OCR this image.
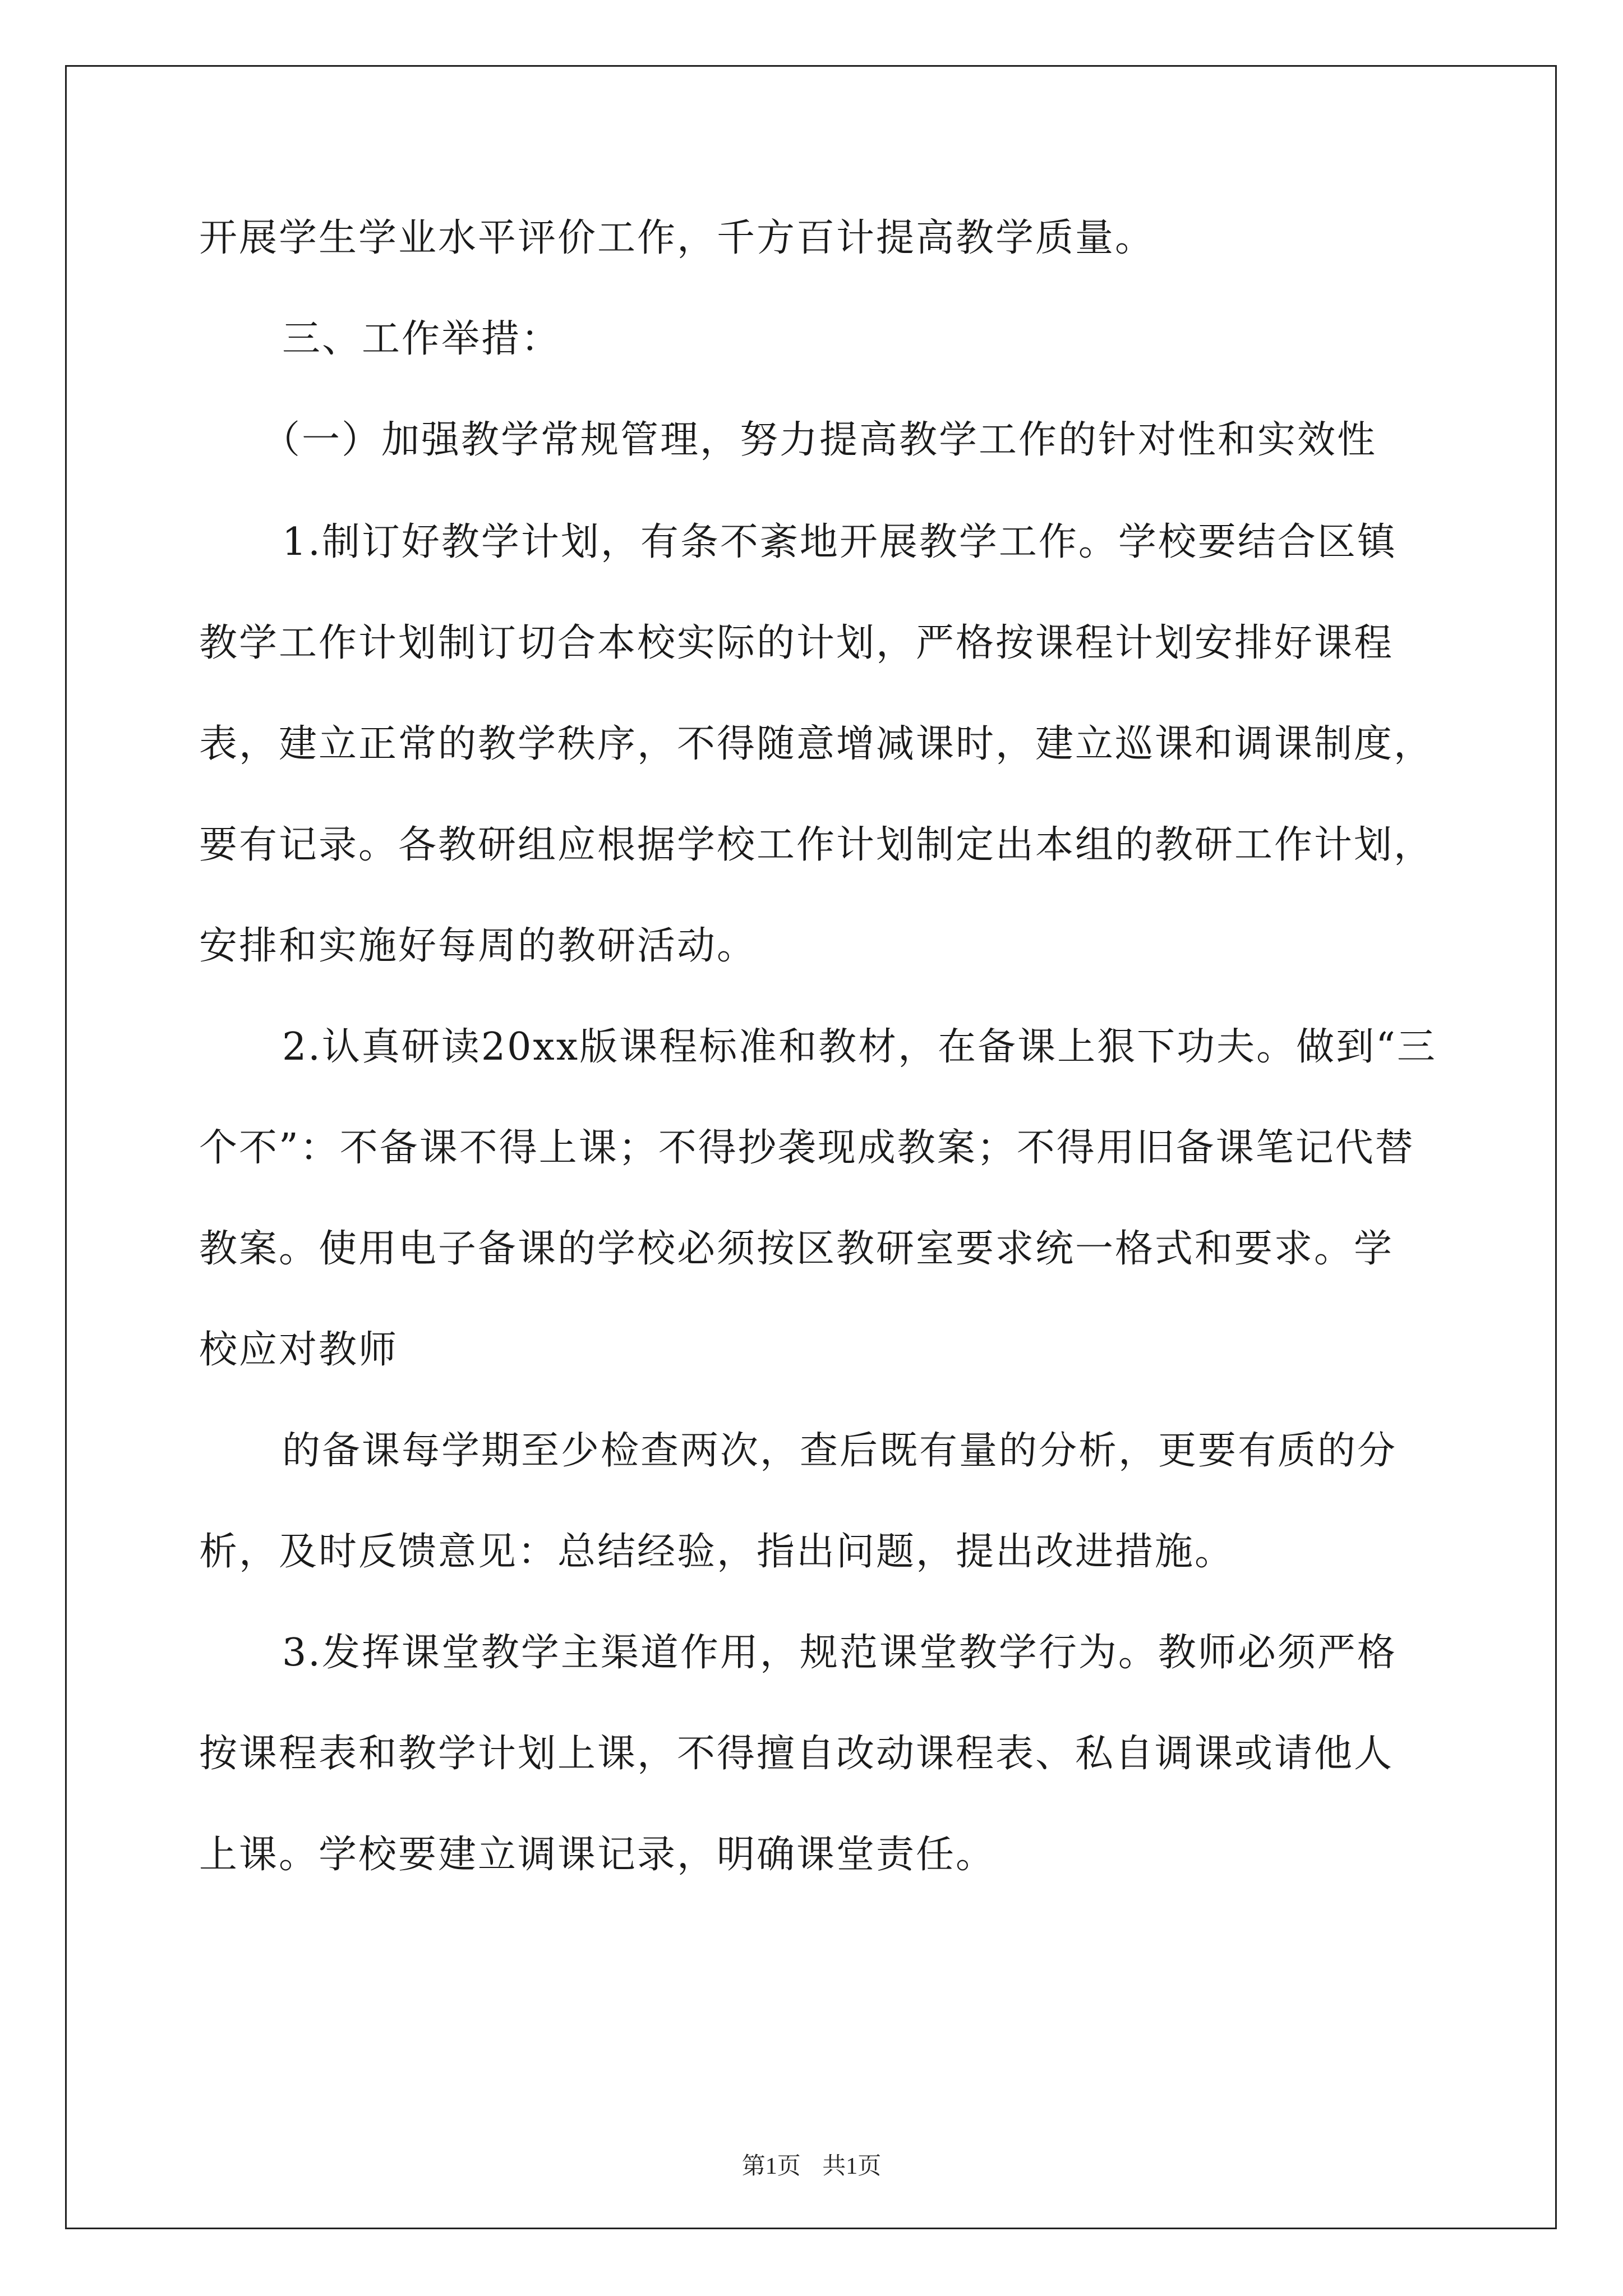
开展学生学业水平评价工作，千方百计提高教学质量。
三、工作举措：
（一）加强教学常规管理，努力提高教学工作的针对性和实效性
1.制订好教学计划，有条不紊地开展教学工作。学校要结合区镇
教学工作计划制订切合本校实际的计划，严格按课程计划安排好课程
表，建立正常的教学秩序，不得随意增减课时，建立巡课和调课制度，
要有记录。各教研组应根据学校工作计划制定出本组的教研工作计划，
安排和实施好每周的教研活动。
2.认真研读20xx版课程标准和教材，在备课上狠下功夫。做到“三
个不”：不备课不得上课；不得抄袭现成教案；不得用旧备课笔记代替
教案。使用电子备课的学校必须按区教研室要求统一格式和要求。学
校应对教师
的备课每学期至少检查两次，查后既有量的分析，更要有质的分
析，及时反馈意见：总结经验，指出问题，提出改进措施。
3.发挥课堂教学主渠道作用，规范课堂教学行为。教师必须严格
按课程表和教学计划上课，不得擅自改动课程表、私自调课或请他人
上课。学校要建立调课记录，明确课堂责任。
第1页 共1页
